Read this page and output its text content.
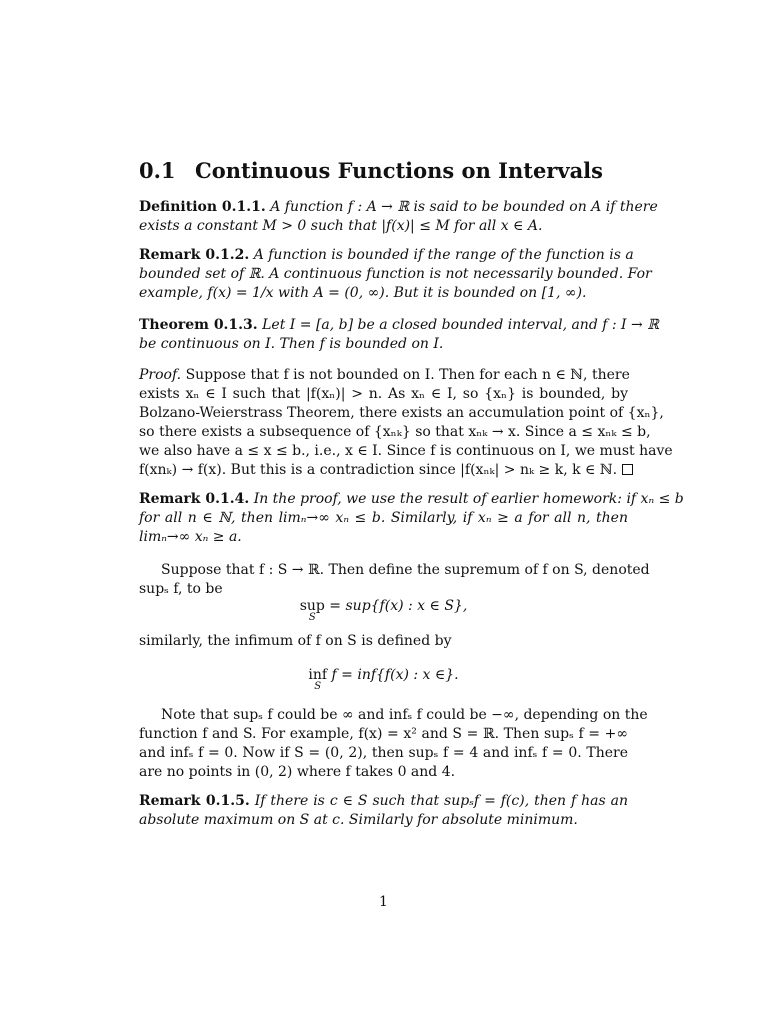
0.1 Continuous Functions on Intervals
Definition 0.1.1. A function f : A → ℝ is said to be bounded on A if there
exists a constant M > 0 such that |f(x)| ≤ M for all x ∈ A.
Remark 0.1.2. A function is bounded if the range of the function is a
bounded set of ℝ. A continuous function is not necessarily bounded. For
example, f(x) = 1/x with A = (0, ∞). But it is bounded on [1, ∞).
Theorem 0.1.3. Let I = [a, b] be a closed bounded interval, and f : I → ℝ
be continuous on I. Then f is bounded on I.
Proof. Suppose that f is not bounded on I. Then for each n ∈ ℕ, there
exists xₙ ∈ I such that |f(xₙ)| > n. As xₙ ∈ I, so {xₙ} is bounded, by
Bolzano-Weierstrass Theorem, there exists an accumulation point of {xₙ},
so there exists a subsequence of {xₙₖ} so that xₙₖ → x. Since a ≤ xₙₖ ≤ b,
we also have a ≤ x ≤ b., i.e., x ∈ I. Since f is continuous on I, we must have
f(xnₖ) → f(x). But this is a contradiction since |f(xₙₖ| > nₖ ≥ k, k ∈ ℕ.
Remark 0.1.4. In the proof, we use the result of earlier homework: if xₙ ≤ b
for all n ∈ ℕ, then limₙ→∞ xₙ ≤ b. Similarly, if xₙ ≥ a for all n, then
limₙ→∞ xₙ ≥ a.
Suppose that f : S → ℝ. Then define the supremum of f on S, denoted
supₛ f, to be
sup
S
= sup{f(x) : x ∈ S},
similarly, the infimum of f on S is defined by
inf
S
f = inf{f(x) : x ∈}.
Note that supₛ f could be ∞ and infₛ f could be −∞, depending on the
function f and S. For example, f(x) = x² and S = ℝ. Then supₛ f = +∞
and infₛ f = 0. Now if S = (0, 2), then supₛ f = 4 and infₛ f = 0. There
are no points in (0, 2) where f takes 0 and 4.
Remark 0.1.5. If there is c ∈ S such that supₛf = f(c), then f has an
absolute maximum on S at c. Similarly for absolute minimum.
1
